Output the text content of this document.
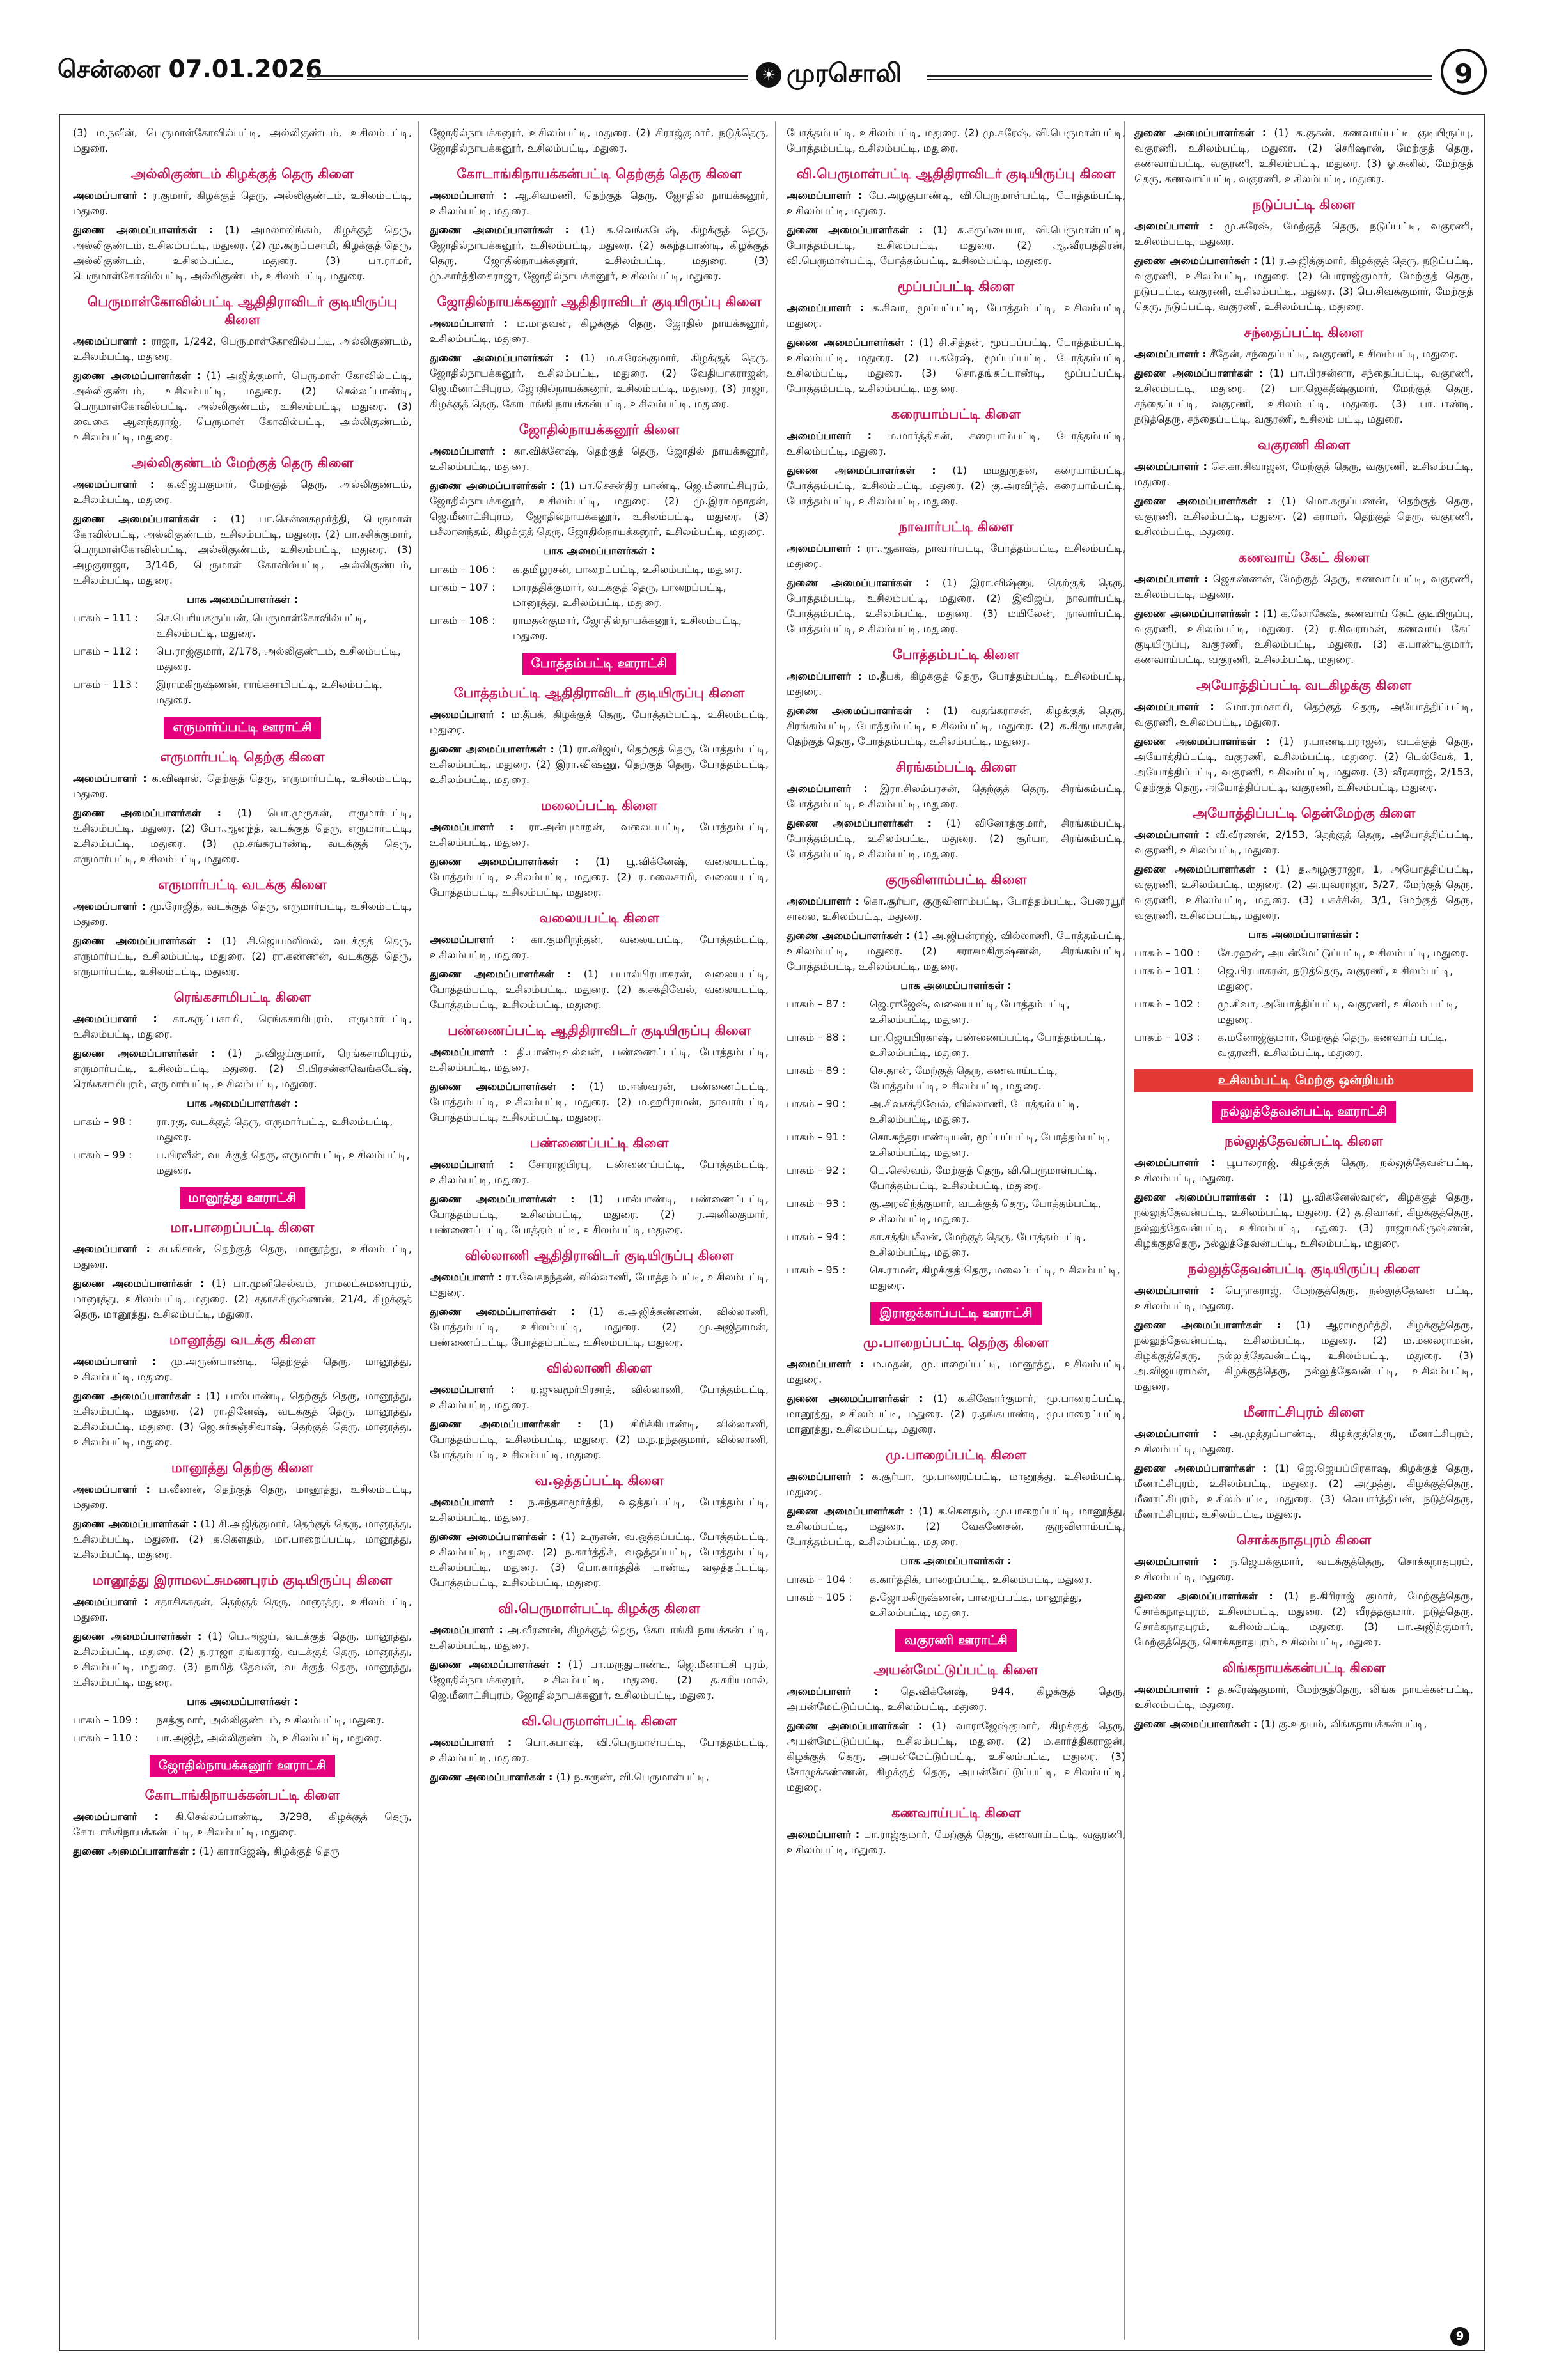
சென்னை 07.01.2026	☀ முரசொலி	9

(3) ம.நவீன், பெருமாள்கோவில்பட்டி, அல்லிகுண்டம், உசிலம்பட்டி, மதுரை.

அல்லிகுண்டம் கிழக்குத் தெரு கிளை

அமைப்பாளர் : ர.குமார், கிழக்குத் தெரு, அல்லிகுண்டம், உசிலம்பட்டி, மதுரை.

துணை அமைப்பாளர்கள் : (1) அமலாலிங்கம், கிழக்குத் தெரு, அல்லிகுண்டம், உசிலம்பட்டி, மதுரை. (2) மு.கருப்பசாமி, கிழக்குத் தெரு, அல்லிகுண்டம், உசிலம்பட்டி, மதுரை. (3) பா.ராமர், பெருமாள்கோவில்பட்டி, அல்லிகுண்டம், உசிலம்பட்டி, மதுரை.

பெருமாள்கோவில்பட்டி ஆதிதிராவிடர் குடியிருப்பு கிளை

அமைப்பாளர் : ராஜா, 1/242, பெருமாள்கோவில்பட்டி, அல்லிகுண்டம், உசிலம்பட்டி, மதுரை.

துணை அமைப்பாளர்கள் : (1) அஜித்குமார், பெருமாள் கோவில்பட்டி, அல்லிகுண்டம், உசிலம்பட்டி, மதுரை. (2) செல்லப்பாண்டி, பெருமாள்கோவில்பட்டி, அல்லிகுண்டம், உசிலம்பட்டி, மதுரை. (3) வைகை ஆனந்தராஜ், பெருமாள் கோவில்பட்டி, அல்லிகுண்டம், உசிலம்பட்டி, மதுரை.

அல்லிகுண்டம் மேற்குத் தெரு கிளை

அமைப்பாளர் : க.விஜயகுமார், மேற்குத் தெரு, அல்லிகுண்டம், உசிலம்பட்டி, மதுரை.

துணை அமைப்பாளர்கள் : (1) பா.சென்னகமூர்த்தி, பெருமாள் கோவில்பட்டி, அல்லிகுண்டம், உசிலம்பட்டி, மதுரை. (2) பா.சசிக்குமார், பெருமாள்கோவில்பட்டி, அல்லிகுண்டம், உசிலம்பட்டி, மதுரை. (3) அழகுராஜா, 3/146, பெருமாள் கோவில்பட்டி, அல்லிகுண்டம், உசிலம்பட்டி, மதுரை.

பாக அமைப்பாளர்கள் :
பாகம் – 111 :	செ.பெரியகருப்பன், பெருமாள்கோவில்பட்டி, உசிலம்பட்டி, மதுரை.
பாகம் – 112 :	பெ.ராஜ்குமார், 2/178, அல்லிகுண்டம், உசிலம்பட்டி, மதுரை.
பாகம் – 113 :	இராமகிருஷ்ணன், ராங்கசாமிபட்டி, உசிலம்பட்டி, மதுரை.
எருமார்ப்பட்டி ஊராட்சி
எருமார்பட்டி தெற்கு கிளை

அமைப்பாளர் : க.விஷால், தெற்குத் தெரு, எருமார்பட்டி, உசிலம்பட்டி, மதுரை.

துணை அமைப்பாளர்கள் : (1) பொ.முருகன், எருமார்பட்டி, உசிலம்பட்டி, மதுரை. (2) போ.ஆனந்த், வடக்குத் தெரு, எருமார்பட்டி, உசிலம்பட்டி, மதுரை. (3) மு.சங்கரபாண்டி, வடக்குத் தெரு, எருமார்பட்டி, உசிலம்பட்டி, மதுரை.

எருமார்பட்டி வடக்கு கிளை

அமைப்பாளர் : மு.ரோஜித், வடக்குத் தெரு, எருமார்பட்டி, உசிலம்பட்டி, மதுரை.

துணை அமைப்பாளர்கள் : (1) சி.ஜெயமலிலல், வடக்குத் தெரு, எருமார்பட்டி, உசிலம்பட்டி, மதுரை. (2) ரா.கண்ணன், வடக்குத் தெரு, எருமார்பட்டி, உசிலம்பட்டி, மதுரை.

ரெங்கசாமிபட்டி கிளை

அமைப்பாளர் : கா.கருப்பசாமி, ரெங்கசாமிபுரம், எருமார்பட்டி, உசிலம்பட்டி, மதுரை.

துணை அமைப்பாளர்கள் : (1) ந.விஜய்குமார், ரெங்கசாமிபுரம், எருமார்பட்டி, உசிலம்பட்டி, மதுரை. (2) பி.பிரசன்னவெங்கடேஷ், ரெங்கசாமிபுரம், எருமார்பட்டி, உசிலம்பட்டி, மதுரை.

பாக அமைப்பாளர்கள் :
பாகம் – 98 :	ரா.ரகு, வடக்குத் தெரு, எருமார்பட்டி, உசிலம்பட்டி, மதுரை.
பாகம் – 99 :	ப.பிரவீன், வடக்குத் தெரு, எருமார்பட்டி, உசிலம்பட்டி, மதுரை.
மானூத்து ஊராட்சி
மா.பாறைப்பட்டி கிளை

அமைப்பாளர் : சுபகிசான், தெற்குத் தெரு, மானூத்து, உசிலம்பட்டி, மதுரை.

துணை அமைப்பாளர்கள் : (1) பா.முனிசெல்வம், ராமலட்சுமணபுரம், மானூத்து, உசிலம்பட்டி, மதுரை. (2) சதாசுகிருஷ்ணன், 21/4, கிழக்குத் தெரு, மானூத்து, உசிலம்பட்டி, மதுரை.

மானூத்து வடக்கு கிளை

அமைப்பாளர் : மு.அருண்பாண்டி, தெற்குத் தெரு, மானூத்து, உசிலம்பட்டி, மதுரை.

துணை அமைப்பாளர்கள் : (1) பால்பாண்டி, தெற்குத் தெரு, மானூத்து, உசிலம்பட்டி, மதுரை. (2) ரா.தினேஷ், வடக்குத் தெரு, மானூத்து, உசிலம்பட்டி, மதுரை. (3) ஜெ.சுர்சுஞ்சிவாஷ், தெற்குத் தெரு, மானூத்து, உசிலம்பட்டி, மதுரை.

மானூத்து தெற்கு கிளை

அமைப்பாளர் : ப.வீணன், தெற்குத் தெரு, மானூத்து, உசிலம்பட்டி, மதுரை.

துணை அமைப்பாளர்கள் : (1) சி.அஜித்குமார், தெற்குத் தெரு, மானூத்து, உசிலம்பட்டி, மதுரை. (2) க.கௌதம், மா.பாறைப்பட்டி, மானூத்து, உசிலம்பட்டி, மதுரை.

மானூத்து இராமலட்சுமணபுரம் குடியிருப்பு கிளை

அமைப்பாளர் : சதாசிகசுதன், தெற்குத் தெரு, மானூத்து, உசிலம்பட்டி, மதுரை.

துணை அமைப்பாளர்கள் : (1) பெ.அஜய், வடக்குத் தெரு, மானூத்து, உசிலம்பட்டி, மதுரை. (2) ந.ராஜா தங்கராஜ், வடக்குத் தெரு, மானூத்து, உசிலம்பட்டி, மதுரை. (3) நாமித் தேவன், வடக்குத் தெரு, மானூத்து, உசிலம்பட்டி, மதுரை.

பாக அமைப்பாளர்கள் :
பாகம் – 109 :	நசத்குமார், அல்லிகுண்டம், உசிலம்பட்டி, மதுரை.
பாகம் – 110 :	பா.அஜித், அல்லிகுண்டம், உசிலம்பட்டி, மதுரை.
ஜோதில்நாயக்கனூர் ஊராட்சி
கோடாங்கிநாயக்கன்பட்டி கிளை

அமைப்பாளர் : கி.செல்லப்பாண்டி, 3/298, கிழக்குத் தெரு, கோடாங்கிநாயக்கன்பட்டி, உசிலம்பட்டி, மதுரை.

துணை அமைப்பாளர்கள் : (1) காராஜேஷ், கிழக்குத் தெரு

ஜோதில்நாயக்கனூர், உசிலம்பட்டி, மதுரை. (2) சிராஜ்குமார், நடுத்தெரு, ஜோதில்நாயக்கனூர், உசிலம்பட்டி, மதுரை.

கோடாங்கிநாயக்கன்பட்டி தெற்குத் தெரு கிளை

அமைப்பாளர் : ஆ.சிவமணி, தெற்குத் தெரு, ஜோதில் நாயக்கனூர், உசிலம்பட்டி, மதுரை.

துணை அமைப்பாளர்கள் : (1) க.வெங்கடேஷ், கிழக்குத் தெரு, ஜோதில்நாயக்கனூர், உசிலம்பட்டி, மதுரை. (2) சுகந்தபாண்டி, கிழக்குத் தெரு, ஜோதில்நாயக்கனூர், உசிலம்பட்டி, மதுரை. (3) மு.கார்த்திகைராஜா, ஜோதில்நாயக்கனூர், உசிலம்பட்டி, மதுரை.

ஜோதில்நாயக்கனூர் ஆதிதிராவிடர் குடியிருப்பு கிளை

அமைப்பாளர் : ம.மாதவன், கிழக்குத் தெரு, ஜோதில் நாயக்கனூர், உசிலம்பட்டி, மதுரை.

துணை அமைப்பாளர்கள் : (1) ம.சுரேஷ்குமார், கிழக்குத் தெரு, ஜோதில்நாயக்கனூர், உசிலம்பட்டி, மதுரை. (2) வேதியாகராஜன், ஜெ.மீனாட்சிபுரம், ஜோதில்நாயக்கனூர், உசிலம்பட்டி, மதுரை. (3) ராஜா, கிழக்குத் தெரு, கோடாங்கி நாயக்கன்பட்டி, உசிலம்பட்டி, மதுரை.

ஜோதில்நாயக்கனூர் கிளை

அமைப்பாளர் : கா.விக்னேஷ், தெற்குத் தெரு, ஜோதில் நாயக்கனூர், உசிலம்பட்டி, மதுரை.

துணை அமைப்பாளர்கள் : (1) பா.செசன்திர பாண்டி, ஜெ.மீனாட்சிபுரம், ஜோதில்நாயக்கனூர், உசிலம்பட்டி, மதுரை. (2) மு.இராமநாதன், ஜெ.மீனாட்சிபுரம், ஜோதில்நாயக்கனூர், உசிலம்பட்டி, மதுரை. (3) பசீலானந்தம், கிழக்குத் தெரு, ஜோதில்நாயக்கனூர், உசிலம்பட்டி, மதுரை.

பாக அமைப்பாளர்கள் :
பாகம் – 106 :	க.தமிழரசன், பாறைப்பட்டி, உசிலம்பட்டி, மதுரை.
பாகம் – 107 :	மாரத்திக்குமார், வடக்குத் தெரு, பாறைப்பட்டி, மானூத்து, உசிலம்பட்டி, மதுரை.
பாகம் – 108 :	ராமதன்குமார், ஜோதில்நாயக்கனூர், உசிலம்பட்டி, மதுரை.
போத்தம்பட்டி ஊராட்சி
போத்தம்பட்டி ஆதிதிராவிடர் குடியிருப்பு கிளை

அமைப்பாளர் : ம.தீபக், கிழக்குத் தெரு, போத்தம்பட்டி, உசிலம்பட்டி, மதுரை.

துணை அமைப்பாளர்கள் : (1) ரா.விஜய், தெற்குத் தெரு, போத்தம்பட்டி, உசிலம்பட்டி, மதுரை. (2) இரா.விஷ்ணு, தெற்குத் தெரு, போத்தம்பட்டி, உசிலம்பட்டி, மதுரை.

மலைப்பட்டி கிளை

அமைப்பாளர் : ரா.அன்புமாறன், வலையபட்டி, போத்தம்பட்டி, உசிலம்பட்டி, மதுரை.

துணை அமைப்பாளர்கள் : (1) பூ.விக்னேஷ், வலையபட்டி, போத்தம்பட்டி, உசிலம்பட்டி, மதுரை. (2) ர.மலைசாமி, வலையபட்டி, போத்தம்பட்டி, உசிலம்பட்டி, மதுரை.

வலையபட்டி கிளை

அமைப்பாளர் : கா.குமரிநந்தன், வலையபட்டி, போத்தம்பட்டி, உசிலம்பட்டி, மதுரை.

துணை அமைப்பாளர்கள் : (1) பபால்பிரபாகரன், வலையபட்டி, போத்தம்பட்டி, உசிலம்பட்டி, மதுரை. (2) க.சக்திவேல், வலையபட்டி, போத்தம்பட்டி, உசிலம்பட்டி, மதுரை.

பண்ணைப்பட்டி ஆதிதிராவிடர் குடியிருப்பு கிளை

அமைப்பாளர் : தி.பாண்டிஉல்வன், பண்ணைப்பட்டி, போத்தம்பட்டி, உசிலம்பட்டி, மதுரை.

துணை அமைப்பாளர்கள் : (1) ம.ஈஸ்வரன், பண்ணைப்பட்டி, போத்தம்பட்டி, உசிலம்பட்டி, மதுரை. (2) ம.ஹரிராமன், நாவார்பட்டி, போத்தம்பட்டி, உசிலம்பட்டி, மதுரை.

பண்ணைப்பட்டி கிளை

அமைப்பாளர் : சோராஜபிரபு, பண்ணைப்பட்டி, போத்தம்பட்டி, உசிலம்பட்டி, மதுரை.

துணை அமைப்பாளர்கள் : (1) பால்பாண்டி, பண்ணைப்பட்டி, போத்தம்பட்டி, உசிலம்பட்டி, மதுரை. (2) ர.அனில்குமார், பண்ணைப்பட்டி, போத்தம்பட்டி, உசிலம்பட்டி, மதுரை.

வில்லாணி ஆதிதிராவிடர் குடியிருப்பு கிளை

அமைப்பாளர் : ரா.வேகநந்தன், வில்லாணி, போத்தம்பட்டி, உசிலம்பட்டி, மதுரை.

துணை அமைப்பாளர்கள் : (1) க.அஜித்கண்ணன், வில்லாணி, போத்தம்பட்டி, உசிலம்பட்டி, மதுரை. (2) மு.அஜிதாமன், பண்ணைப்பட்டி, போத்தம்பட்டி, உசிலம்பட்டி, மதுரை.

வில்லாணி கிளை

அமைப்பாளர் : ர.ஜுவமூர்பிரசாத், வில்லாணி, போத்தம்பட்டி, உசிலம்பட்டி, மதுரை.

துணை அமைப்பாளர்கள் : (1) சிரிக்கிபாண்டி, வில்லாணி, போத்தம்பட்டி, உசிலம்பட்டி, மதுரை. (2) ம.ந.நந்தகுமார், வில்லாணி, போத்தம்பட்டி, உசிலம்பட்டி, மதுரை.

வ.ஒத்தப்பட்டி கிளை

அமைப்பாளர் : ந.கந்தசாமூர்த்தி, வஒத்தப்பட்டி, போத்தம்பட்டி, உசிலம்பட்டி, மதுரை.

துணை அமைப்பாளர்கள் : (1) உருஎன், வ.ஒத்தப்பட்டி, போத்தம்பட்டி, உசிலம்பட்டி, மதுரை. (2) ந.கார்த்திக், வஒத்தப்பட்டி, போத்தம்பட்டி, உசிலம்பட்டி, மதுரை. (3) பொ.கார்த்திக் பாண்டி, வஒத்தப்பட்டி, போத்தம்பட்டி, உசிலம்பட்டி, மதுரை.

வி.பெருமாள்பட்டி கிழக்கு கிளை

அமைப்பாளர் : அ.வீரணன், கிழக்குத் தெரு, கோடாங்கி நாயக்கன்பட்டி, உசிலம்பட்டி, மதுரை.

துணை அமைப்பாளர்கள் : (1) பா.மருதுபாண்டி, ஜெ.மீனாட்சி புரம், ஜோதில்நாயக்கனூர், உசிலம்பட்டி, மதுரை. (2) த.சுரியமால், ஜெ.மீனாட்சிபுரம், ஜோதில்நாயக்கனூர், உசிலம்பட்டி, மதுரை.

வி.பெருமாள்பட்டி கிளை

அமைப்பாளர் : பொ.கபாஷ், வி.பெருமாள்பட்டி, போத்தம்பட்டி, உசிலம்பட்டி, மதுரை.

துணை அமைப்பாளர்கள் : (1) ந.கருண், வி.பெருமாள்பட்டி,

போத்தம்பட்டி, உசிலம்பட்டி, மதுரை. (2) மு.சுரேஷ், வி.பெருமாள்பட்டி, போத்தம்பட்டி, உசிலம்பட்டி, மதுரை.

வி.பெருமாள்பட்டி ஆதிதிராவிடர் குடியிருப்பு கிளை

அமைப்பாளர் : பே.அழகுபாண்டி, வி.பெருமாள்பட்டி, போத்தம்பட்டி, உசிலம்பட்டி, மதுரை.

துணை அமைப்பாளர்கள் : (1) சு.கருப்பையா, வி.பெருமாள்பட்டி, போத்தம்பட்டி, உசிலம்பட்டி, மதுரை. (2) ஆ.வீரபத்திரன், வி.பெருமாள்பட்டி, போத்தம்பட்டி, உசிலம்பட்டி, மதுரை.

மூப்பப்பட்டி கிளை

அமைப்பாளர் : க.சிவா, மூப்பப்பட்டி, போத்தம்பட்டி, உசிலம்பட்டி, மதுரை.

துணை அமைப்பாளர்கள் : (1) சி.சித்தன், மூப்பப்பட்டி, போத்தம்பட்டி, உசிலம்பட்டி, மதுரை. (2) ப.சுரேஷ், மூப்பப்பட்டி, போத்தம்பட்டி, உசிலம்பட்டி, மதுரை. (3) சொ.தங்கப்பாண்டி, மூப்பப்பட்டி, போத்தம்பட்டி, உசிலம்பட்டி, மதுரை.

கரையாம்பட்டி கிளை

அமைப்பாளர் : ம.மார்த்திகன், கரையாம்பட்டி, போத்தம்பட்டி, உசிலம்பட்டி, மதுரை.

துணை அமைப்பாளர்கள் : (1) மமதுருதன், கரையாம்பட்டி, போத்தம்பட்டி, உசிலம்பட்டி, மதுரை. (2) கு.அரவிந்த், கரையாம்பட்டி, போத்தம்பட்டி, உசிலம்பட்டி, மதுரை.

நாவார்பட்டி கிளை

அமைப்பாளர் : ரா.ஆகாஷ், நாவார்பட்டி, போத்தம்பட்டி, உசிலம்பட்டி, மதுரை.

துணை அமைப்பாளர்கள் : (1) இரா.விஷ்ணு, தெற்குத் தெரு, போத்தம்பட்டி, உசிலம்பட்டி, மதுரை. (2) இவிஜய், நாவார்பட்டி, போத்தம்பட்டி, உசிலம்பட்டி, மதுரை. (3) மயிலேன், நாவார்பட்டி, போத்தம்பட்டி, உசிலம்பட்டி, மதுரை.

போத்தம்பட்டி கிளை

அமைப்பாளர் : ம.தீபக், கிழக்குத் தெரு, போத்தம்பட்டி, உசிலம்பட்டி, மதுரை.

துணை அமைப்பாளர்கள் : (1) வதங்கராசன், கிழக்குத் தெரு, சிரங்கம்பட்டி, போத்தம்பட்டி, உசிலம்பட்டி, மதுரை. (2) க.கிருபாகரன், தெற்குத் தெரு, போத்தம்பட்டி, உசிலம்பட்டி, மதுரை.

சிரங்கம்பட்டி கிளை

அமைப்பாளர் : இரா.சிலம்பரசன், தெற்குத் தெரு, சிரங்கம்பட்டி, போத்தம்பட்டி, உசிலம்பட்டி, மதுரை.

துணை அமைப்பாளர்கள் : (1) வினோத்குமார், சிரங்கம்பட்டி, போத்தம்பட்டி, உசிலம்பட்டி, மதுரை. (2) சூர்யா, சிரங்கம்பட்டி, போத்தம்பட்டி, உசிலம்பட்டி, மதுரை.

குருவிளாம்பட்டி கிளை

அமைப்பாளர் : கொ.சூர்யா, குருவிளாம்பட்டி, போத்தம்பட்டி, பேரையூர் சாலை, உசிலம்பட்டி, மதுரை.

துணை அமைப்பாளர்கள் : (1) அ.ஜிபன்ராஜ், வில்லாணி, போத்தம்பட்டி, உசிலம்பட்டி, மதுரை. (2) சராசமகிருஷ்ணன், சிரங்கம்பட்டி, போத்தம்பட்டி, உசிலம்பட்டி, மதுரை.

பாக அமைப்பாளர்கள் :
பாகம் – 87 :	ஜெ.ராஜேஷ், வலையபட்டி, போத்தம்பட்டி, உசிலம்பட்டி, மதுரை.
பாகம் – 88 :	பா.ஜெயபிரகாஷ், பண்ணைப்பட்டி, போத்தம்பட்டி, உசிலம்பட்டி, மதுரை.
பாகம் – 89 :	செ.தான், மேற்குத் தெரு, கணவாய்பட்டி, போத்தம்பட்டி, உசிலம்பட்டி, மதுரை.
பாகம் – 90 :	அ.சிவசக்திவேல், வில்லாணி, போத்தம்பட்டி, உசிலம்பட்டி, மதுரை.
பாகம் – 91 :	சொ.சுந்தரபாண்டியன், மூப்பப்பட்டி, போத்தம்பட்டி, உசிலம்பட்டி, மதுரை.
பாகம் – 92 :	பெ.செல்வம், மேற்குத் தெரு, வி.பெருமாள்பட்டி, போத்தம்பட்டி, உசிலம்பட்டி, மதுரை.
பாகம் – 93 :	கு.அரவிந்த்குமார், வடக்குத் தெரு, போத்தம்பட்டி, உசிலம்பட்டி, மதுரை.
பாகம் – 94 :	கா.சத்தியசீலன், மேற்குத் தெரு, போத்தம்பட்டி, உசிலம்பட்டி, மதுரை.
பாகம் – 95 :	செ.ராமன், கிழக்குத் தெரு, மலைப்பட்டி, உசிலம்பட்டி, மதுரை.
இராஜக்காப்பட்டி ஊராட்சி
மு.பாறைப்பட்டி தெற்கு கிளை

அமைப்பாளர் : ம.மதன், மு.பாறைப்பட்டி, மானூத்து, உசிலம்பட்டி, மதுரை.

துணை அமைப்பாளர்கள் : (1) க.கிஷோர்குமார், மு.பாறைப்பட்டி, மானூத்து, உசிலம்பட்டி, மதுரை. (2) ர.தங்கபாண்டி, மு.பாறைப்பட்டி, மானூத்து, உசிலம்பட்டி, மதுரை.

மு.பாறைப்பட்டி கிளை

அமைப்பாளர் : க.சூர்யா, மு.பாறைப்பட்டி, மானூத்து, உசிலம்பட்டி, மதுரை.

துணை அமைப்பாளர்கள் : (1) க.கௌதம், மு.பாறைப்பட்டி, மானூத்து, உசிலம்பட்டி, மதுரை. (2) வேகணேசன், குருவிளாம்பட்டி, போத்தம்பட்டி, உசிலம்பட்டி, மதுரை.

பாக அமைப்பாளர்கள் :
பாகம் – 104 :	க.கார்த்திக், பாறைப்பட்டி, உசிலம்பட்டி, மதுரை.
பாகம் – 105 :	த.ஜோமகிருஷ்ணன், பாறைப்பட்டி, மானூத்து, உசிலம்பட்டி, மதுரை.
வகுரணி ஊராட்சி
அயன்மேட்டுப்பட்டி கிளை

அமைப்பாளர் : தெ.விக்னேஷ், 944, கிழக்குத் தெரு, அயன்மேட்டுப்பட்டி, உசிலம்பட்டி, மதுரை.

துணை அமைப்பாளர்கள் : (1) வாராஜேஷ்குமார், கிழக்குத் தெரு, அயன்மேட்டுப்பட்டி, உசிலம்பட்டி, மதுரை. (2) ம.கார்த்திகராஜன், கிழக்குத் தெரு, அயன்மேட்டுப்பட்டி, உசிலம்பட்டி, மதுரை. (3) சோழுக்கண்ணன், கிழக்குத் தெரு, அயன்மேட்டுப்பட்டி, உசிலம்பட்டி, மதுரை.

கணவாய்பட்டி கிளை

அமைப்பாளர் : பா.ராஜ்குமார், மேற்குத் தெரு, கணவாய்பட்டி, வகுரணி, உசிலம்பட்டி, மதுரை.

துணை அமைப்பாளர்கள் : (1) சு.குகன், கணவாய்பட்டி குடியிருப்பு, வகுரணி, உசிலம்பட்டி, மதுரை. (2) செரிஷான், மேற்குத் தெரு, கணவாய்பட்டி, வகுரணி, உசிலம்பட்டி, மதுரை. (3) ஓ.சுனில், மேற்குத் தெரு, கணவாய்பட்டி, வகுரணி, உசிலம்பட்டி, மதுரை.

நடுப்பட்டி கிளை

அமைப்பாளர் : மு.சுரேஷ், மேற்குத் தெரு, நடுப்பட்டி, வகுரணி, உசிலம்பட்டி, மதுரை.

துணை அமைப்பாளர்கள் : (1) ர.அஜித்குமார், கிழக்குத் தெரு, நடுப்பட்டி, வகுரணி, உசிலம்பட்டி, மதுரை. (2) பொராஜ்குமார், மேற்குத் தெரு, நடுப்பட்டி, வகுரணி, உசிலம்பட்டி, மதுரை. (3) பெ.சிவக்குமார், மேற்குத் தெரு, நடுப்பட்டி, வகுரணி, உசிலம்பட்டி, மதுரை.

சந்தைப்பட்டி கிளை

அமைப்பாளர் : சீதேன், சந்தைப்பட்டி, வகுரணி, உசிலம்பட்டி, மதுரை.

துணை அமைப்பாளர்கள் : (1) பா.பிரசன்னா, சந்தைப்பட்டி, வகுரணி, உசிலம்பட்டி, மதுரை. (2) பா.ஜெகதீஷ்குமார், மேற்குத் தெரு, சந்தைப்பட்டி, வகுரணி, உசிலம்பட்டி, மதுரை. (3) பா.பாண்டி, நடுத்தெரு, சந்தைப்பட்டி, வகுரணி, உசிலம் பட்டி, மதுரை.

வகுரணி கிளை

அமைப்பாளர் : செ.கா.சிவாஜன், மேற்குத் தெரு, வகுரணி, உசிலம்பட்டி, மதுரை.

துணை அமைப்பாளர்கள் : (1) மொ.கருப்பணன், தெற்குத் தெரு, வகுரணி, உசிலம்பட்டி, மதுரை. (2) கராமர், தெற்குத் தெரு, வகுரணி, உசிலம்பட்டி, மதுரை.

கணவாய் கேட் கிளை

அமைப்பாளர் : ஜெகண்ணன், மேற்குத் தெரு, கணவாய்பட்டி, வகுரணி, உசிலம்பட்டி, மதுரை.

துணை அமைப்பாளர்கள் : (1) க.லோகேஷ், கணவாய் கேட் குடியிருப்பு, வகுரணி, உசிலம்பட்டி, மதுரை. (2) ர.சிவராமன், கணவாய் கேட் குடியிருப்பு, வகுரணி, உசிலம்பட்டி, மதுரை. (3) க.பாண்டிகுமார், கணவாய்பட்டி, வகுரணி, உசிலம்பட்டி, மதுரை.

அயோத்திப்பட்டி வடகிழக்கு கிளை

அமைப்பாளர் : மொ.ராமசாமி, தெற்குத் தெரு, அயோத்திப்பட்டி, வகுரணி, உசிலம்பட்டி, மதுரை.

துணை அமைப்பாளர்கள் : (1) ர.பாண்டியராஜன், வடக்குத் தெரு, அயோத்திப்பட்டி, வகுரணி, உசிலம்பட்டி, மதுரை. (2) பெல்வேக், 1, அயோத்திப்பட்டி, வகுரணி, உசிலம்பட்டி, மதுரை. (3) வீரகராஜ், 2/153, தெற்குத் தெரு, அயோத்திப்பட்டி, வகுரணி, உசிலம்பட்டி, மதுரை.

அயோத்திப்பட்டி தென்மேற்கு கிளை

அமைப்பாளர் : வீ.வீரணன், 2/153, தெற்குத் தெரு, அயோத்திப்பட்டி, வகுரணி, உசிலம்பட்டி, மதுரை.

துணை அமைப்பாளர்கள் : (1) த.அழகுராஜா, 1, அயோத்திப்பட்டி, வகுரணி, உசிலம்பட்டி, மதுரை. (2) அ.யுவராஜா, 3/27, மேற்குத் தெரு, வகுரணி, உசிலம்பட்டி, மதுரை. (3) பசுச்சின், 3/1, மேற்குத் தெரு, வகுரணி, உசிலம்பட்டி, மதுரை.

பாக அமைப்பாளர்கள் :
பாகம் – 100 :	சே.ரஹன், அயன்மேட்டுப்பட்டி, உசிலம்பட்டி, மதுரை.
பாகம் – 101 :	ஜெ.பிரபாகரன், நடுத்தெரு, வகுரணி, உசிலம்பட்டி, மதுரை.
பாகம் – 102 :	மு.சிவா, அயோத்திப்பட்டி, வகுரணி, உசிலம் பட்டி, மதுரை.
பாகம் – 103 :	க.மனோஜ்குமார், மேற்குத் தெரு, கணவாய் பட்டி, வகுரணி, உசிலம்பட்டி, மதுரை.
உசிலம்பட்டி மேற்கு ஒன்றியம்
நல்லுத்தேவன்பட்டி ஊராட்சி
நல்லுத்தேவன்பட்டி கிளை

அமைப்பாளர் : பூபாலராஜ், கிழக்குத் தெரு, நல்லுத்தேவன்பட்டி, உசிலம்பட்டி, மதுரை.

துணை அமைப்பாளர்கள் : (1) பூ.விக்னேஸ்வரன், கிழக்குத் தெரு, நல்லுத்தேவன்பட்டி, உசிலம்பட்டி, மதுரை. (2) த.திவாகர், கிழக்குத்தெரு, நல்லுத்தேவன்பட்டி, உசிலம்பட்டி, மதுரை. (3) ராஜாமகிருஷ்ணன், கிழக்குத்தெரு, நல்லுத்தேவன்பட்டி, உசிலம்பட்டி, மதுரை.

நல்லுத்தேவன்பட்டி குடியிருப்பு கிளை

அமைப்பாளர் : பெநாகராஜ், மேற்குத்தெரு, நல்லுத்தேவன் பட்டி, உசிலம்பட்டி, மதுரை.

துணை அமைப்பாளர்கள் : (1) ஆராமமூர்த்தி, கிழக்குத்தெரு, நல்லுத்தேவன்பட்டி, உசிலம்பட்டி, மதுரை. (2) ம.மலைராமன், கிழக்குத்தெரு, நல்லுத்தேவன்பட்டி, உசிலம்பட்டி, மதுரை. (3) அ.விஜயராமன், கிழக்குத்தெரு, நல்லுத்தேவன்பட்டி, உசிலம்பட்டி, மதுரை.

மீனாட்சிபுரம் கிளை

அமைப்பாளர் : அ.முத்துப்பாண்டி, கிழக்குத்தெரு, மீனாட்சிபுரம், உசிலம்பட்டி, மதுரை.

துணை அமைப்பாளர்கள் : (1) ஜெ.ஜெயப்பிரகாஷ், கிழக்குத் தெரு, மீனாட்சிபுரம், உசிலம்பட்டி, மதுரை. (2) அமுத்து, கிழக்குத்தெரு, மீனாட்சிபுரம், உசிலம்பட்டி, மதுரை. (3) வெபார்த்திபன், நடுத்தெரு, மீனாட்சிபுரம், உசிலம்பட்டி, மதுரை.

சொக்கநாதபுரம் கிளை

அமைப்பாளர் : ந.ஜெயக்குமார், வடக்குத்தெரு, சொக்கநாதபுரம், உசிலம்பட்டி, மதுரை.

துணை அமைப்பாளர்கள் : (1) ந.கிரிராஜ் குமார், மேற்குத்தெரு, சொக்கநாதபுரம், உசிலம்பட்டி, மதுரை. (2) வீரத்தகுமார், நடுத்தெரு, சொக்கநாதபுரம், உசிலம்பட்டி, மதுரை. (3) பா.அஜித்குமார், மேற்குத்தெரு, சொக்கநாதபுரம், உசிலம்பட்டி, மதுரை.

லிங்கநாயக்கன்பட்டி கிளை

அமைப்பாளர் : த.சுரேஷ்குமார், மேற்குத்தெரு, லிங்க நாயக்கன்பட்டி, உசிலம்பட்டி, மதுரை.

துணை அமைப்பாளர்கள் : (1) கு.உதயம், லிங்கநாயக்கன்பட்டி,

9
